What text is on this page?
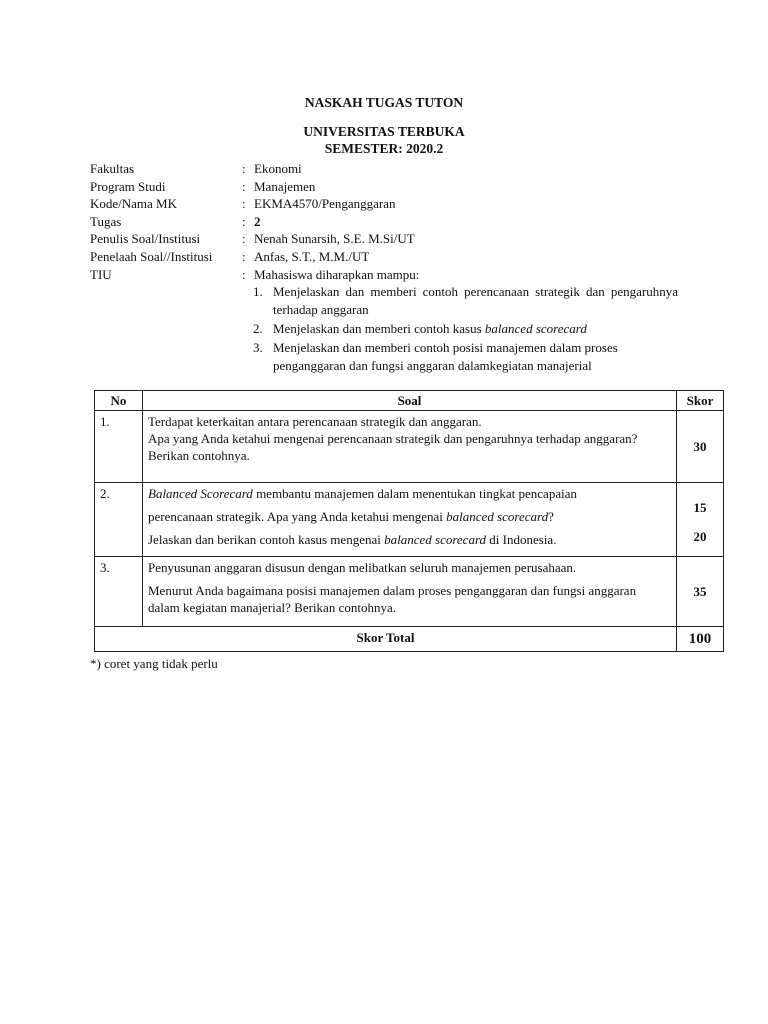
NASKAH TUGAS TUTON
UNIVERSITAS TERBUKA
SEMESTER: 2020.2
Fakultas	: Ekonomi
Program Studi	: Manajemen
Kode/Nama MK	: EKMA4570/Penganggaran
Tugas	: 2
Penulis Soal/Institusi	: Nenah Sunarsih, S.E. M.Si/UT
Penelaah Soal//Institusi : Anfas, S.T., M.M./UT
TIU	: Mahasiswa diharapkan mampu:
1. Menjelaskan dan memberi contoh perencanaan strategik dan pengaruhnya terhadap anggaran
2. Menjelaskan dan memberi contoh kasus balanced scorecard
3. Menjelaskan dan memberi contoh posisi manajemen dalam proses penganggaran dan fungsi anggaran dalamkegiatan manajerial
No	Soal	Skor
1.	Terdapat keterkaitan antara perencanaan strategik dan anggaran.
Apa yang Anda ketahui mengenai perencanaan strategik dan pengaruhnya terhadap anggaran? Berikan contohnya.	30
2.	Balanced Scorecard membantu manajemen dalam menentukan tingkat pencapaian
perencanaan strategik. Apa yang Anda ketahui mengenai balanced scorecard?
Jelaskan dan berikan contoh kasus mengenai balanced scorecard di Indonesia.	15
20

3.	Penyusunan anggaran disusun dengan melibatkan seluruh manajemen perusahaan.
Menurut Anda bagaimana posisi manajemen dalam proses penganggaran dan fungsi anggaran dalam kegiatan manajerial? Berikan contohnya.	35
Skor Total		100
*) coret yang tidak perlu
